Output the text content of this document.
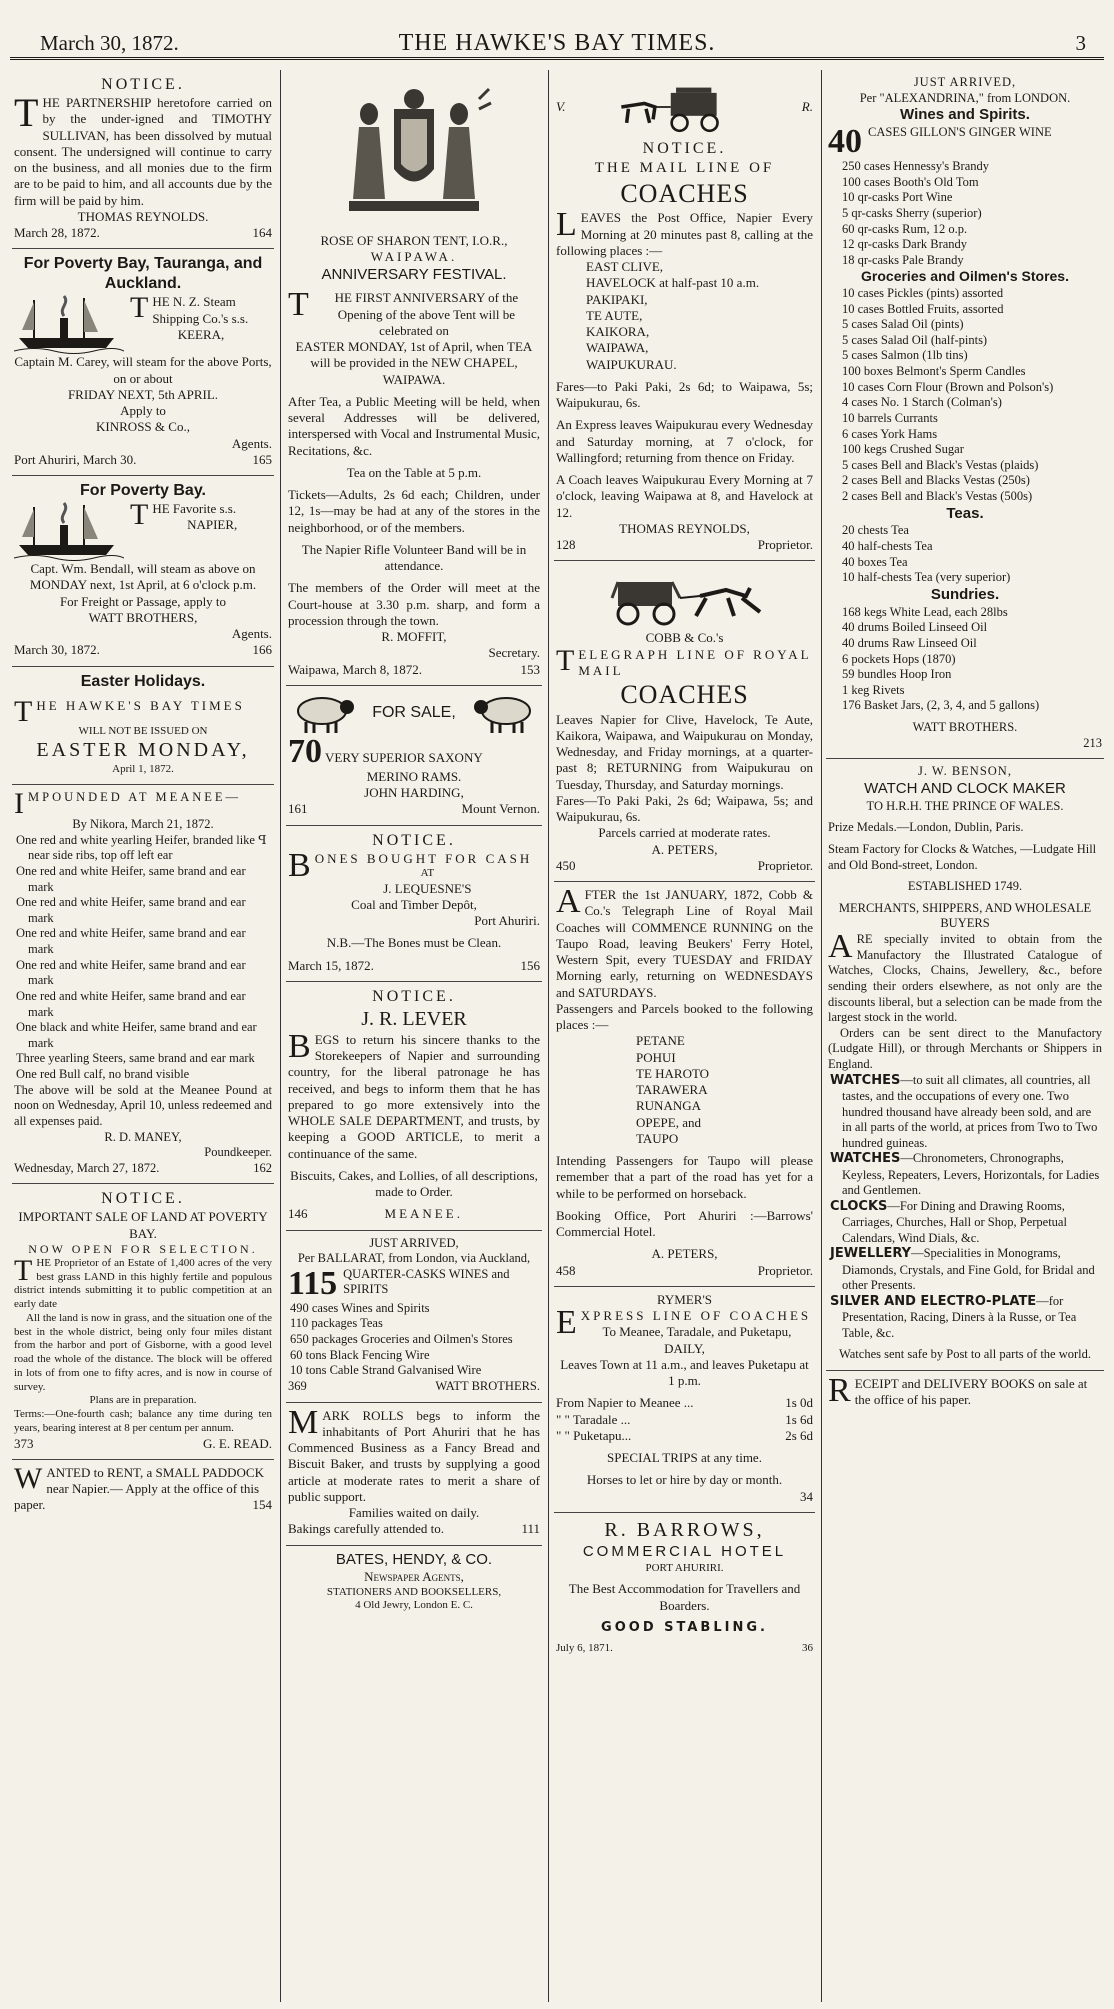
THE HAWKE'S BAY TIMES.
March 30, 1872.	3
NOTICE.
THE PARTNERSHIP heretofore carried on by the under-igned and TIMOTHY SULLIVAN, has been dissolved by mutual consent. The undersigned will continue to carry on the business, and all monies due to the firm are to be paid to him, and all accounts due by the firm will be paid by him.
THOMAS REYNOLDS.
March 28, 1872.	164
For Poverty Bay, Tauranga, and Auckland.
THE N. Z. Steam Shipping Co.'s s.s.
KEERA,
Captain M. Carey, will steam for the above Ports, on or about
FRIDAY NEXT, 5th APRIL.
Apply to
KINROSS & Co.,
Agents.
Port Ahuriri, March 30.	165
For Poverty Bay.
THE Favorite s.s.
NAPIER,
Capt. Wm. Bendall, will steam as above on
MONDAY next, 1st April, at 6 o'clock p.m.
For Freight or Passage, apply to
WATT BROTHERS,
Agents.
March 30, 1872.	166
Easter Holidays.
THE HAWKE'S BAY TIMES
WILL NOT BE ISSUED ON
EASTER MONDAY,
April 1, 1872.
IMPOUNDED AT MEANEE—
By Nikora, March 21, 1872.
One red and white yearling Heifer, branded like ꟼ near side ribs, top off left ear
One red and white Heifer, same brand and ear mark
One red and white Heifer, same brand and ear mark
One red and white Heifer, same brand and ear mark
One red and white Heifer, same brand and ear mark
One red and white Heifer, same brand and ear mark
One black and white Heifer, same brand and ear mark
Three yearling Steers, same brand and ear mark
One red Bull calf, no brand visible
The above will be sold at the Meanee Pound at noon on Wednesday, April 10, unless redeemed and all expenses paid.
R. D. MANEY,
Poundkeeper.
Wednesday, March 27, 1872.	162
NOTICE.
IMPORTANT SALE OF LAND AT POVERTY BAY.
NOW OPEN FOR SELECTION.
THE Proprietor of an Estate of 1,400 acres of the very best grass LAND in this highly fertile and populous district intends submitting it to public competition at an early date
All the land is now in grass, and the situation one of the best in the whole district, being only four miles distant from the harbor and port of Gisborne, with a good level road the whole of the distance. The block will be offered in lots of from one to fifty acres, and is now in course of survey.
Plans are in preparation.
Terms:—One-fourth cash; balance any time during ten years, bearing interest at 8 per centum per annum.
373	G. E. READ.
WANTED to RENT, a SMALL PADDOCK near Napier.— Apply at the office of this paper.	154
ROSE OF SHARON TENT, I.O.R.,
WAIPAWA.
ANNIVERSARY FESTIVAL.
T HE FIRST ANNIVERSARY of the Opening of the above Tent will be celebrated on
EASTER MONDAY, 1st of April, when TEA will be provided in the NEW CHAPEL, WAIPAWA.
After Tea, a Public Meeting will be held, when several Addresses will be delivered, interspersed with Vocal and Instrumental Music, Recitations, &c.
Tea on the Table at 5 p.m.
Tickets—Adults, 2s 6d each; Children, under 12, 1s—may be had at any of the stores in the neighborhood, or of the members.
The Napier Rifle Volunteer Band will be in attendance.
The members of the Order will meet at the Court-house at 3.30 p.m. sharp, and form a procession through the town.
R. MOFFIT,
Secretary.
Waipawa, March 8, 1872.	153
FOR SALE,
70 VERY SUPERIOR SAXONY
MERINO RAMS.
JOHN HARDING,
161	Mount Vernon.
NOTICE.
BONES BOUGHT FOR CASH
AT
J. LEQUESNE'S
Coal and Timber Depôt,
Port Ahuriri.
N.B.—The Bones must be Clean.
March 15, 1872.	156
NOTICE.
J. R. LEVER
BEGS to return his sincere thanks to the Storekeepers of Napier and surrounding country, for the liberal patronage he has received, and begs to inform them that he has prepared to go more extensively into the WHOLE SALE DEPARTMENT, and trusts, by keeping a GOOD ARTICLE, to merit a continuance of the same.
Biscuits, Cakes, and Lollies, of all descriptions, made to Order.
146	MEANEE.
JUST ARRIVED,
Per BALLARAT, from London, via Auckland,
115 QUARTER-CASKS WINES and SPIRITS
490 cases Wines and Spirits
110 packages Teas
650 packages Groceries and Oilmen's Stores
60 tons Black Fencing Wire
10 tons Cable Strand Galvanised Wire
369	WATT BROTHERS.
MARK ROLLS begs to inform the inhabitants of Port Ahuriri that he has Commenced Business as a Fancy Bread and Biscuit Baker, and trusts by supplying a good article at moderate rates to merit a share of public support.
Families waited on daily.
Bakings carefully attended to.	111
BATES, HENDY, & CO.
Newspaper Agents,
STATIONERS AND BOOKSELLERS,
4 Old Jewry, London E. C.
V.	R.
NOTICE.
THE MAIL LINE OF
COACHES
LEAVES the Post Office, Napier Every Morning at 20 minutes past 8, calling at the following places :—
EAST CLIVE,
HAVELOCK at half-past 10 a.m.
PAKIPAKI,
TE AUTE,
KAIKORA,
WAIPAWA,
WAIPUKURAU.
Fares—to Paki Paki, 2s 6d; to Waipawa, 5s; Waipukurau, 6s.
An Express leaves Waipukurau every Wednesday and Saturday morning, at 7 o'clock, for Wallingford; returning from thence on Friday.
A Coach leaves Waipukurau Every Morning at 7 o'clock, leaving Waipawa at 8, and Havelock at 12.
THOMAS REYNOLDS,
128	Proprietor.
COBB & Co.'s
TELEGRAPH LINE OF ROYAL MAIL
COACHES
Leaves Napier for Clive, Havelock, Te Aute, Kaikora, Waipawa, and Waipukurau on Monday, Wednesday, and Friday mornings, at a quarter-past 8; RETURNING from Waipukurau on Tuesday, Thursday, and Saturday mornings.
Fares—To Paki Paki, 2s 6d; Waipawa, 5s; and Waipukurau, 6s.
Parcels carried at moderate rates.
A. PETERS,
450	Proprietor.
AFTER the 1st JANUARY, 1872, Cobb & Co.'s Telegraph Line of Royal Mail Coaches will COMMENCE RUNNING on the Taupo Road, leaving Beukers' Ferry Hotel, Western Spit, every TUESDAY and FRIDAY Morning early, returning on WEDNESDAYS and SATURDAYS.
Passengers and Parcels booked to the following places :—
PETANE
POHUI
TE HAROTO
TARAWERA
RUNANGA
OPEPE, and
TAUPO
Intending Passengers for Taupo will please remember that a part of the road has yet for a while to be performed on horseback.
Booking Office, Port Ahuriri :—Barrows' Commercial Hotel.
A. PETERS,
458	Proprietor.
RYMER'S
EXPRESS LINE OF COACHES
To Meanee, Taradale, and Puketapu, DAILY,
Leaves Town at 11 a.m., and leaves Puketapu at 1 p.m.
From Napier to Meanee ...	1s 0d
" " Taradale ...	1s 6d
" " Puketapu...	2s 6d
SPECIAL TRIPS at any time.
Horses to let or hire by day or month.
34
R. BARROWS,
COMMERCIAL HOTEL
PORT AHURIRI.
The Best Accommodation for Travellers and Boarders.
GOOD STABLING.
July 6, 1871.	36
JUST ARRIVED,
Per "ALEXANDRINA," from LONDON.
Wines and Spirits.
40 CASES GILLON'S GINGER WINE
250 cases Hennessy's Brandy
100 cases Booth's Old Tom
10 qr-casks Port Wine
5 qr-casks Sherry (superior)
60 qr-casks Rum, 12 o.p.
12 qr-casks Dark Brandy
18 qr-casks Pale Brandy
Groceries and Oilmen's Stores.
10 cases Pickles (pints) assorted
10 cases Bottled Fruits, assorted
5 cases Salad Oil (pints)
5 cases Salad Oil (half-pints)
5 cases Salmon (1lb tins)
100 boxes Belmont's Sperm Candles
10 cases Corn Flour (Brown and Polson's)
4 cases No. 1 Starch (Colman's)
10 barrels Currants
6 cases York Hams
100 kegs Crushed Sugar
5 cases Bell and Black's Vestas (plaids)
2 cases Bell and Blacks Vestas (250s)
2 cases Bell and Black's Vestas (500s)
Teas.
20 chests Tea
40 half-chests Tea
40 boxes Tea
10 half-chests Tea (very superior)
Sundries.
168 kegs White Lead, each 28lbs
40 drums Boiled Linseed Oil
40 drums Raw Linseed Oil
6 pockets Hops (1870)
59 bundles Hoop Iron
1 keg Rivets
176 Basket Jars, (2, 3, 4, and 5 gallons)
WATT BROTHERS.
213
J. W. BENSON,
WATCH AND CLOCK MAKER
TO H.R.H. THE PRINCE OF WALES.
Prize Medals.—London, Dublin, Paris.
Steam Factory for Clocks & Watches, —Ludgate Hill and Old Bond-street, London.
ESTABLISHED 1749.
MERCHANTS, SHIPPERS, AND WHOLESALE BUYERS
ARE specially invited to obtain from the Manufactory the Illustrated Catalogue of Watches, Clocks, Chains, Jewellery, &c., before sending their orders elsewhere, as not only are the discounts liberal, but a selection can be made from the largest stock in the world.
Orders can be sent direct to the Manufactory (Ludgate Hill), or through Merchants or Shippers in England.
WATCHES—to suit all climates, all countries, all tastes, and the occupations of every one. Two hundred thousand have already been sold, and are in all parts of the world, at prices from Two to Two hundred guineas.
WATCHES—Chronometers, Chronographs, Keyless, Repeaters, Levers, Horizontals, for Ladies and Gentlemen.
CLOCKS—For Dining and Drawing Rooms, Carriages, Churches, Hall or Shop, Perpetual Calendars, Wind Dials, &c.
JEWELLERY—Specialities in Monograms, Diamonds, Crystals, and Fine Gold, for Bridal and other Presents.
SILVER AND ELECTRO-PLATE—for Presentation, Racing, Diners à la Russe, or Tea Table, &c.
Watches sent safe by Post to all parts of the world.
RECEIPT and DELIVERY BOOKS on sale at the office of his paper.
